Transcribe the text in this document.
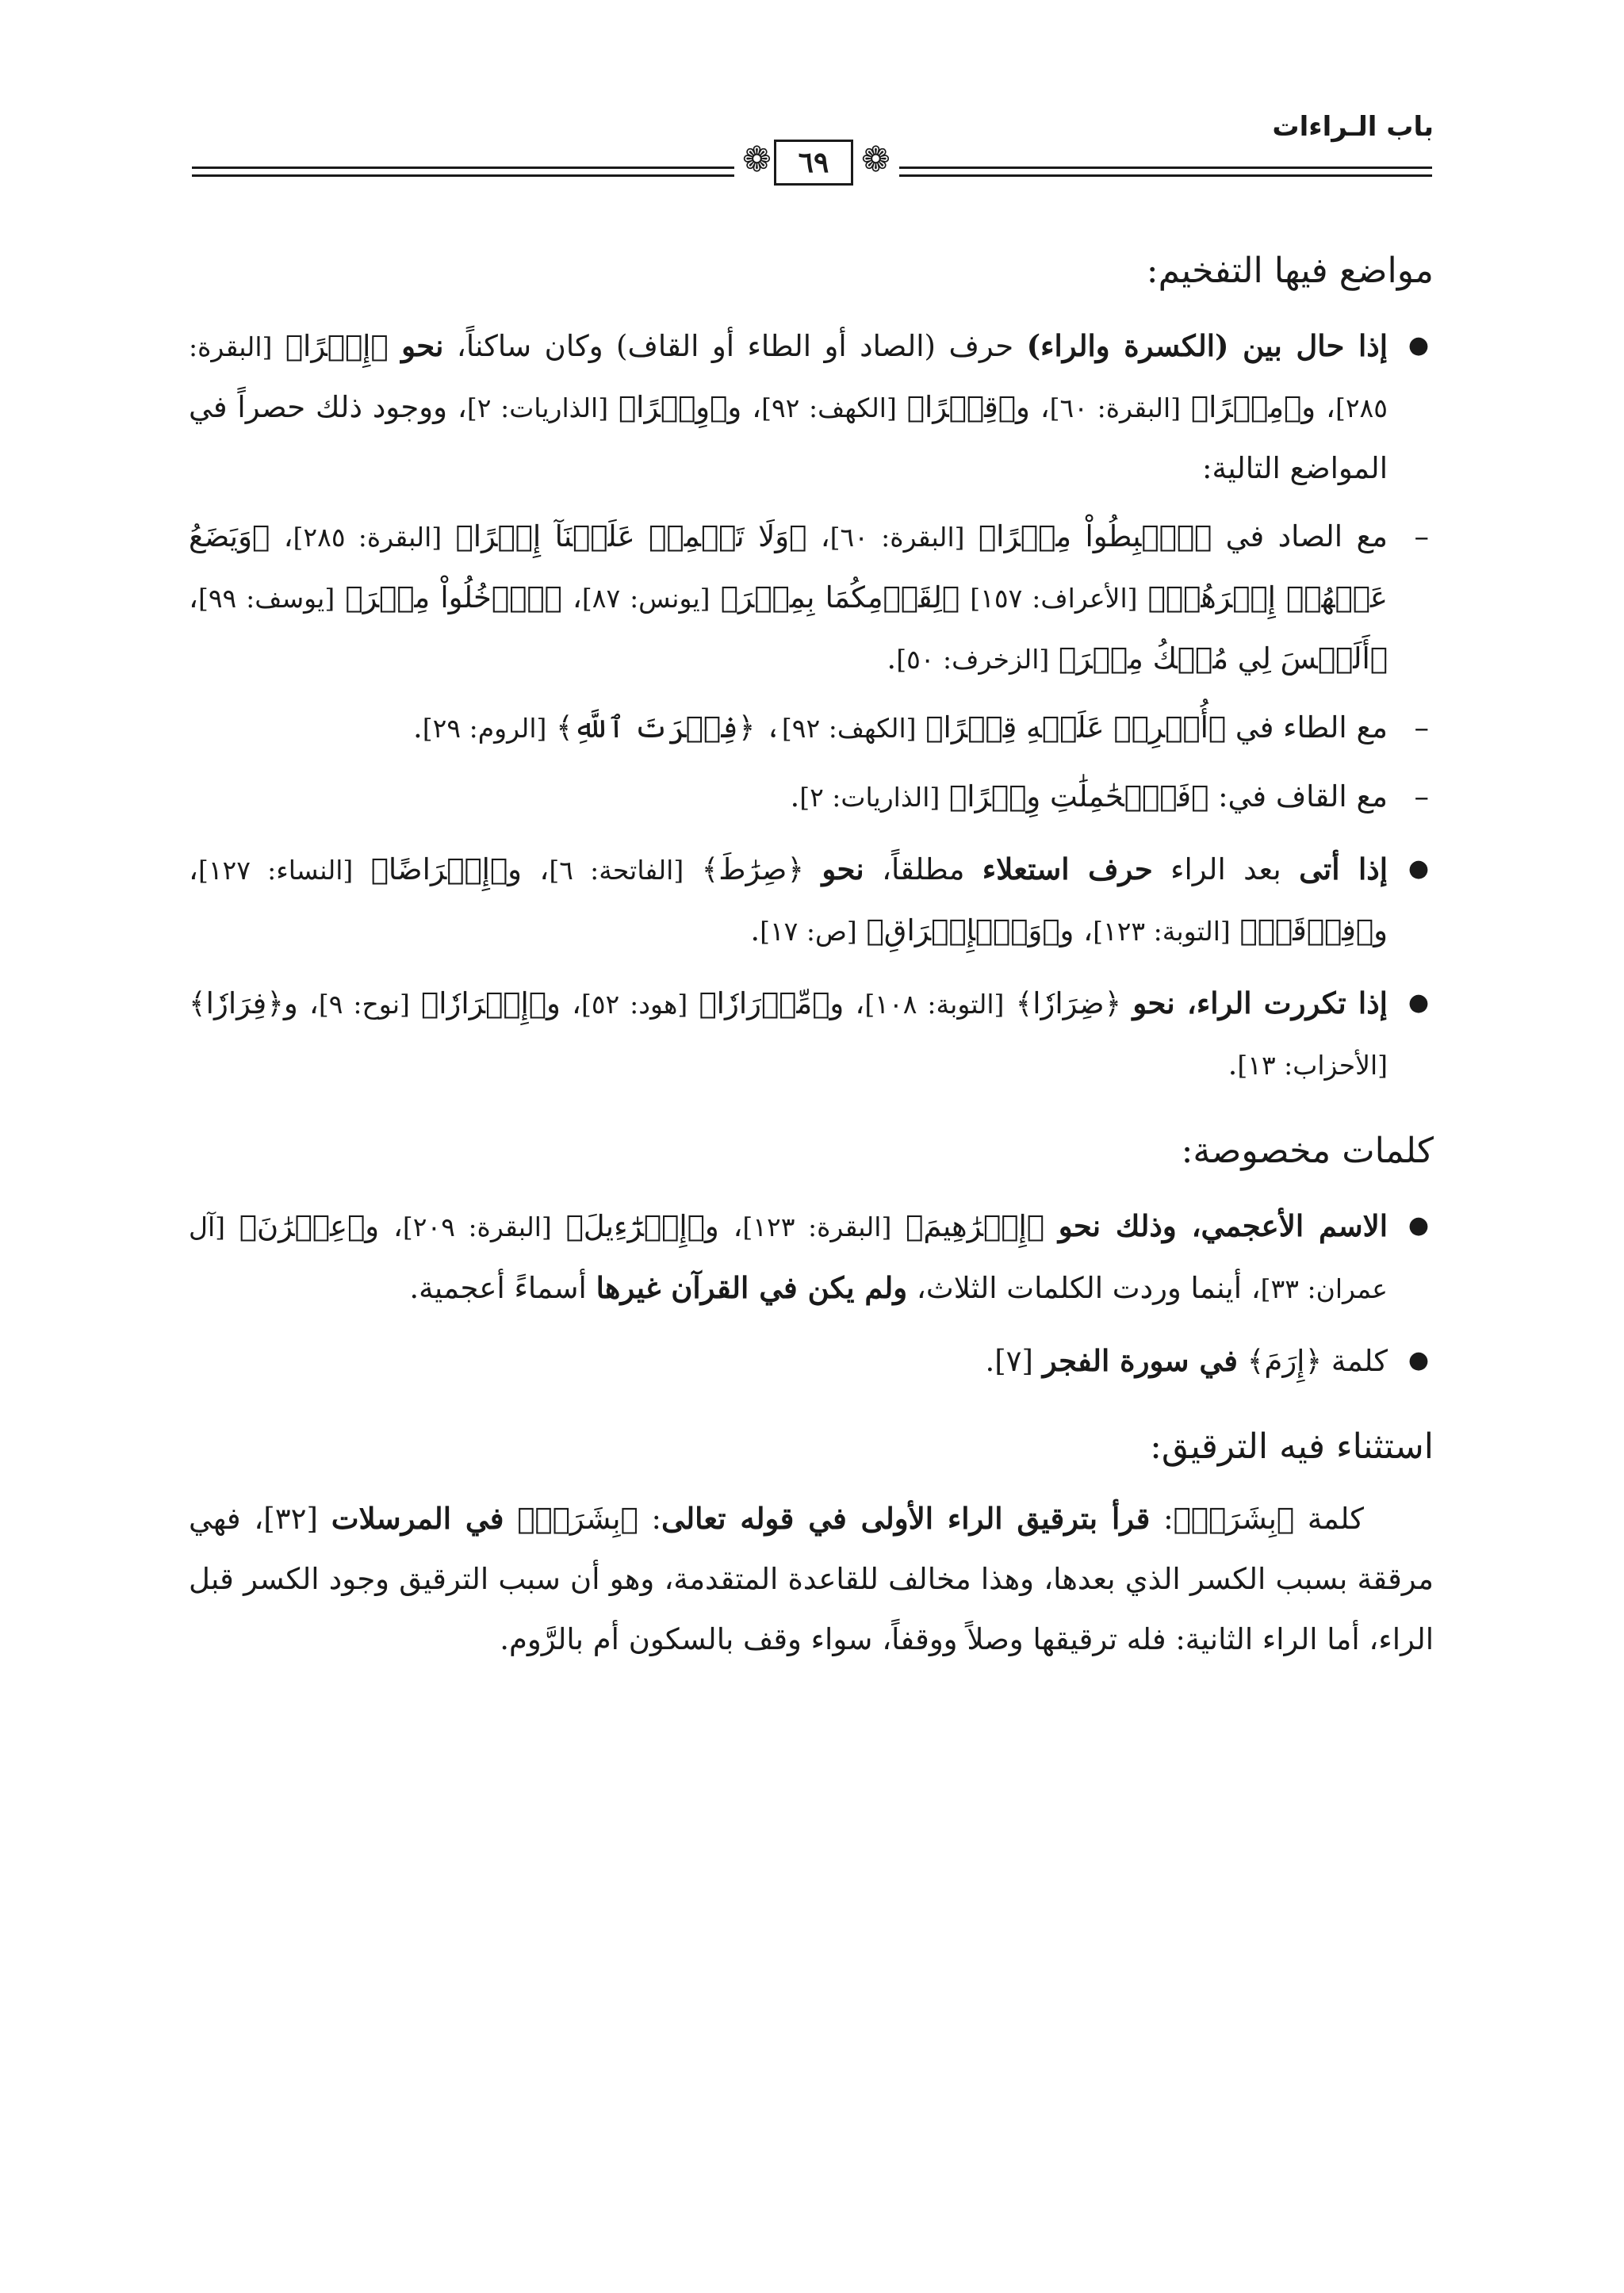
باب الـراءات
❁ ٦٩ ❁
مواضع فيها التفخيم:
● إذا حال بين (الكسرة والراء) حرف (الصاد أو الطاء أو القاف) وكان ساكناً، نحو ﴿إِصۡرًا﴾ [البقرة: ٢٨٥]، و﴿مِصۡرًا﴾ [البقرة: ٦٠]، و﴿قِطۡرًا﴾ [الكهف: ٩٢]، و﴿وِقۡرًا﴾ [الذاريات: ٢]، ووجود ذلك حصراً في المواضع التالية:
– مع الصاد في ﴿ٱهۡبِطُواْ مِصۡرًا﴾ [البقرة: ٦٠]، ﴿وَلَا تَحۡمِلۡ عَلَيۡنَآ إِصۡرًا﴾ [البقرة: ٢٨٥]، ﴿وَيَضَعُ عَنۡهُمۡ إِصۡرَهُمۡ﴾ [الأعراف: ١٥٧] ﴿لِقَوۡمِكُمَا بِمِصۡرَ﴾ [يونس: ٨٧]، ﴿ٱدۡخُلُواْ مِصۡرَ﴾ [يوسف: ٩٩]، ﴿أَلَيۡسَ لِي مُلۡكُ مِصۡرَ﴾ [الزخرف: ٥٠].
– مع الطاء في ﴿أُفۡرِغۡ عَلَيۡهِ قِطۡرًا﴾ [الكهف: ٩٢]، ﴿فِطۡرَتَ ٱللَّهِ﴾ [الروم: ٢٩].
– مع القاف في: ﴿فَٱلۡحَٰمِلَٰتِ وِقۡرًا﴾ [الذاريات: ٢].
● إذا أتى بعد الراء حرف استعلاء مطلقاً، نحو ﴿صِرَٰطَ﴾ [الفاتحة: ٦]، و﴿إِعۡرَاضًا﴾ [النساء: ١٢٧]، و﴿فِرۡقَةٖ﴾ [التوبة: ١٢٣]، و﴿وَٱلۡإِشۡرَاقِ﴾ [ص: ١٧].
● إذا تكررت الراء، نحو ﴿ضِرَارٗا﴾ [التوبة: ١٠٨]، و﴿مِّدۡرَارٗا﴾ [هود: ٥٢]، و﴿إِسۡرَارٗا﴾ [نوح: ٩]، و﴿فِرَارٗا﴾ [الأحزاب: ١٣].
كلمات مخصوصة:
● الاسم الأعجمي، وذلك نحو ﴿إِبۡرَٰهِيمَ﴾ [البقرة: ١٢٣]، و﴿إِسۡرَٰٓءِيلَ﴾ [البقرة: ٢٠٩]، و﴿عِمۡرَٰنَ﴾ [آل عمران: ٣٣]، أينما وردت الكلمات الثلاث، ولم يكن في القرآن غيرها أسماءً أعجمية.
● كلمة ﴿إِرَمَ﴾ في سورة الفجر [٧].
استثناء فيه الترقيق:

كلمة ﴿بِشَرَرٖ﴾: قرأ بترقيق الراء الأولى في قوله تعالى: ﴿بِشَرَرٖ﴾ في المرسلات [٣٢]، فهي مرققة بسبب الكسر الذي بعدها، وهذا مخالف للقاعدة المتقدمة، وهو أن سبب الترقيق وجود الكسر قبل الراء، أما الراء الثانية: فله ترقيقها وصلاً ووقفاً، سواء وقف بالسكون أم بالرَّوم.
